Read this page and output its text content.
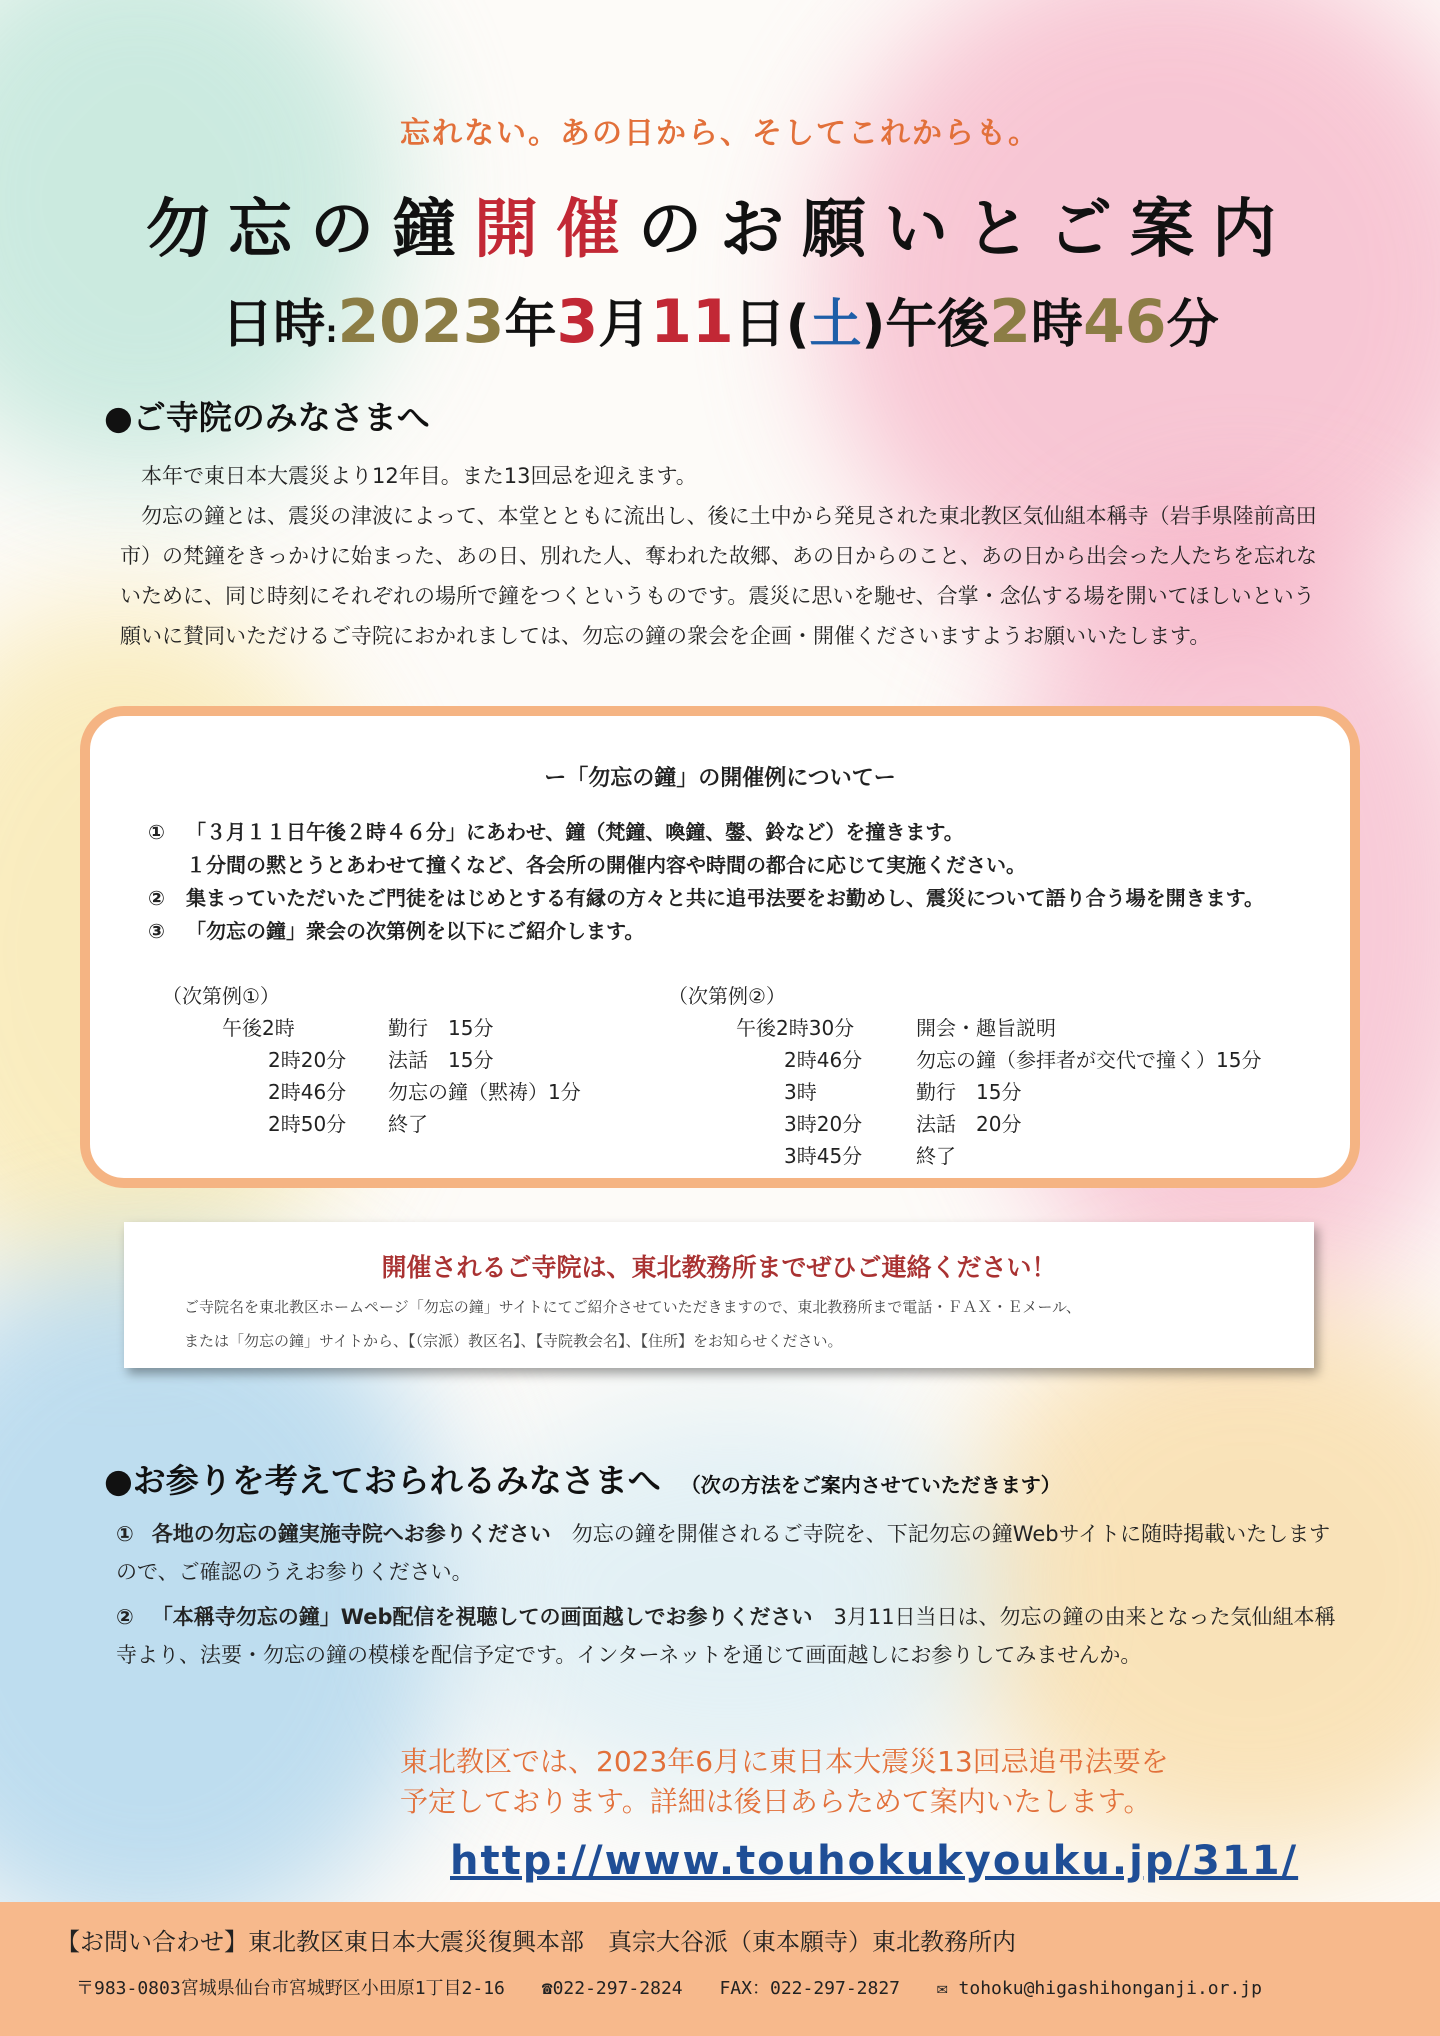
忘れない。あの日から、そしてこれからも。
勿忘の鐘開催のお願いとご案内
日時:2023年3月11日(土)午後2時46分
●ご寺院のみなさまへ

本年で東日本大震災より12年目。また13回忌を迎えます。

勿忘の鐘とは、震災の津波によって、本堂とともに流出し、後に土中から発見された東北教区気仙組本稱寺（岩手県陸前高田市）の梵鐘をきっかけに始まった、あの日、別れた人、奪われた故郷、あの日からのこと、あの日から出会った人たちを忘れないために、同じ時刻にそれぞれの場所で鐘をつくというものです。震災に思いを馳せ、合掌・念仏する場を開いてほしいという願いに賛同いただけるご寺院におかれましては、勿忘の鐘の衆会を企画・開催くださいますようお願いいたします。

ー「勿忘の鐘」の開催例についてー
①	「３月１１日午後２時４６分」にあわせ、鐘（梵鐘、喚鐘、鏧、鈴など）を撞きます。
１分間の黙とうとあわせて撞くなど、各会所の開催内容や時間の都合に応じて実施ください。
②	集まっていただいたご門徒をはじめとする有縁の方々と共に追弔法要をお勤めし、震災について語り合う場を開きます。
③	「勿忘の鐘」衆会の次第例を以下にご紹介します。
（次第例①）
午後2時	勤行　15分
2時20分	法話　15分
2時46分	勿忘の鐘（黙祷）1分
2時50分	終了
（次第例②）
午後2時30分	開会・趣旨説明
2時46分	勿忘の鐘（参拝者が交代で撞く）15分
3時	勤行　15分
3時20分	法話　20分
3時45分	終了
開催されるご寺院は、東北教務所までぜひご連絡ください！
ご寺院名を東北教区ホームページ「勿忘の鐘」サイトにてご紹介させていただきますので、東北教務所まで電話・ＦＡＸ・Ｅメール、
または「勿忘の鐘」サイトから、【（宗派）教区名】、【寺院教会名】、【住所】をお知らせください。
●お参りを考えておられるみなさまへ （次の方法をご案内させていただきます）
① 各地の勿忘の鐘実施寺院へお参りください　 勿忘の鐘を開催されるご寺院を、下記勿忘の鐘Webサイトに随時掲載いたしますので、ご確認のうえお参りください。
② 「本稱寺勿忘の鐘」Web配信を視聴しての画面越しでお参りください　 3月11日当日は、勿忘の鐘の由来となった気仙組本稱寺より、法要・勿忘の鐘の模様を配信予定です。インターネットを通じて画面越しにお参りしてみませんか。
東北教区では、2023年6月に東日本大震災13回忌追弔法要を
予定しております。詳細は後日あらためて案内いたします。
http://www.touhokukyouku.jp/311/
【お問い合わせ】東北教区東日本大震災復興本部　真宗大谷派（東本願寺）東北教務所内
〒983-0803宮城県仙台市宮城野区小田原1丁目2-16 ☎022-297-2824 FAX：022-297-2827 ✉ tohoku@higashihonganji.or.jp
